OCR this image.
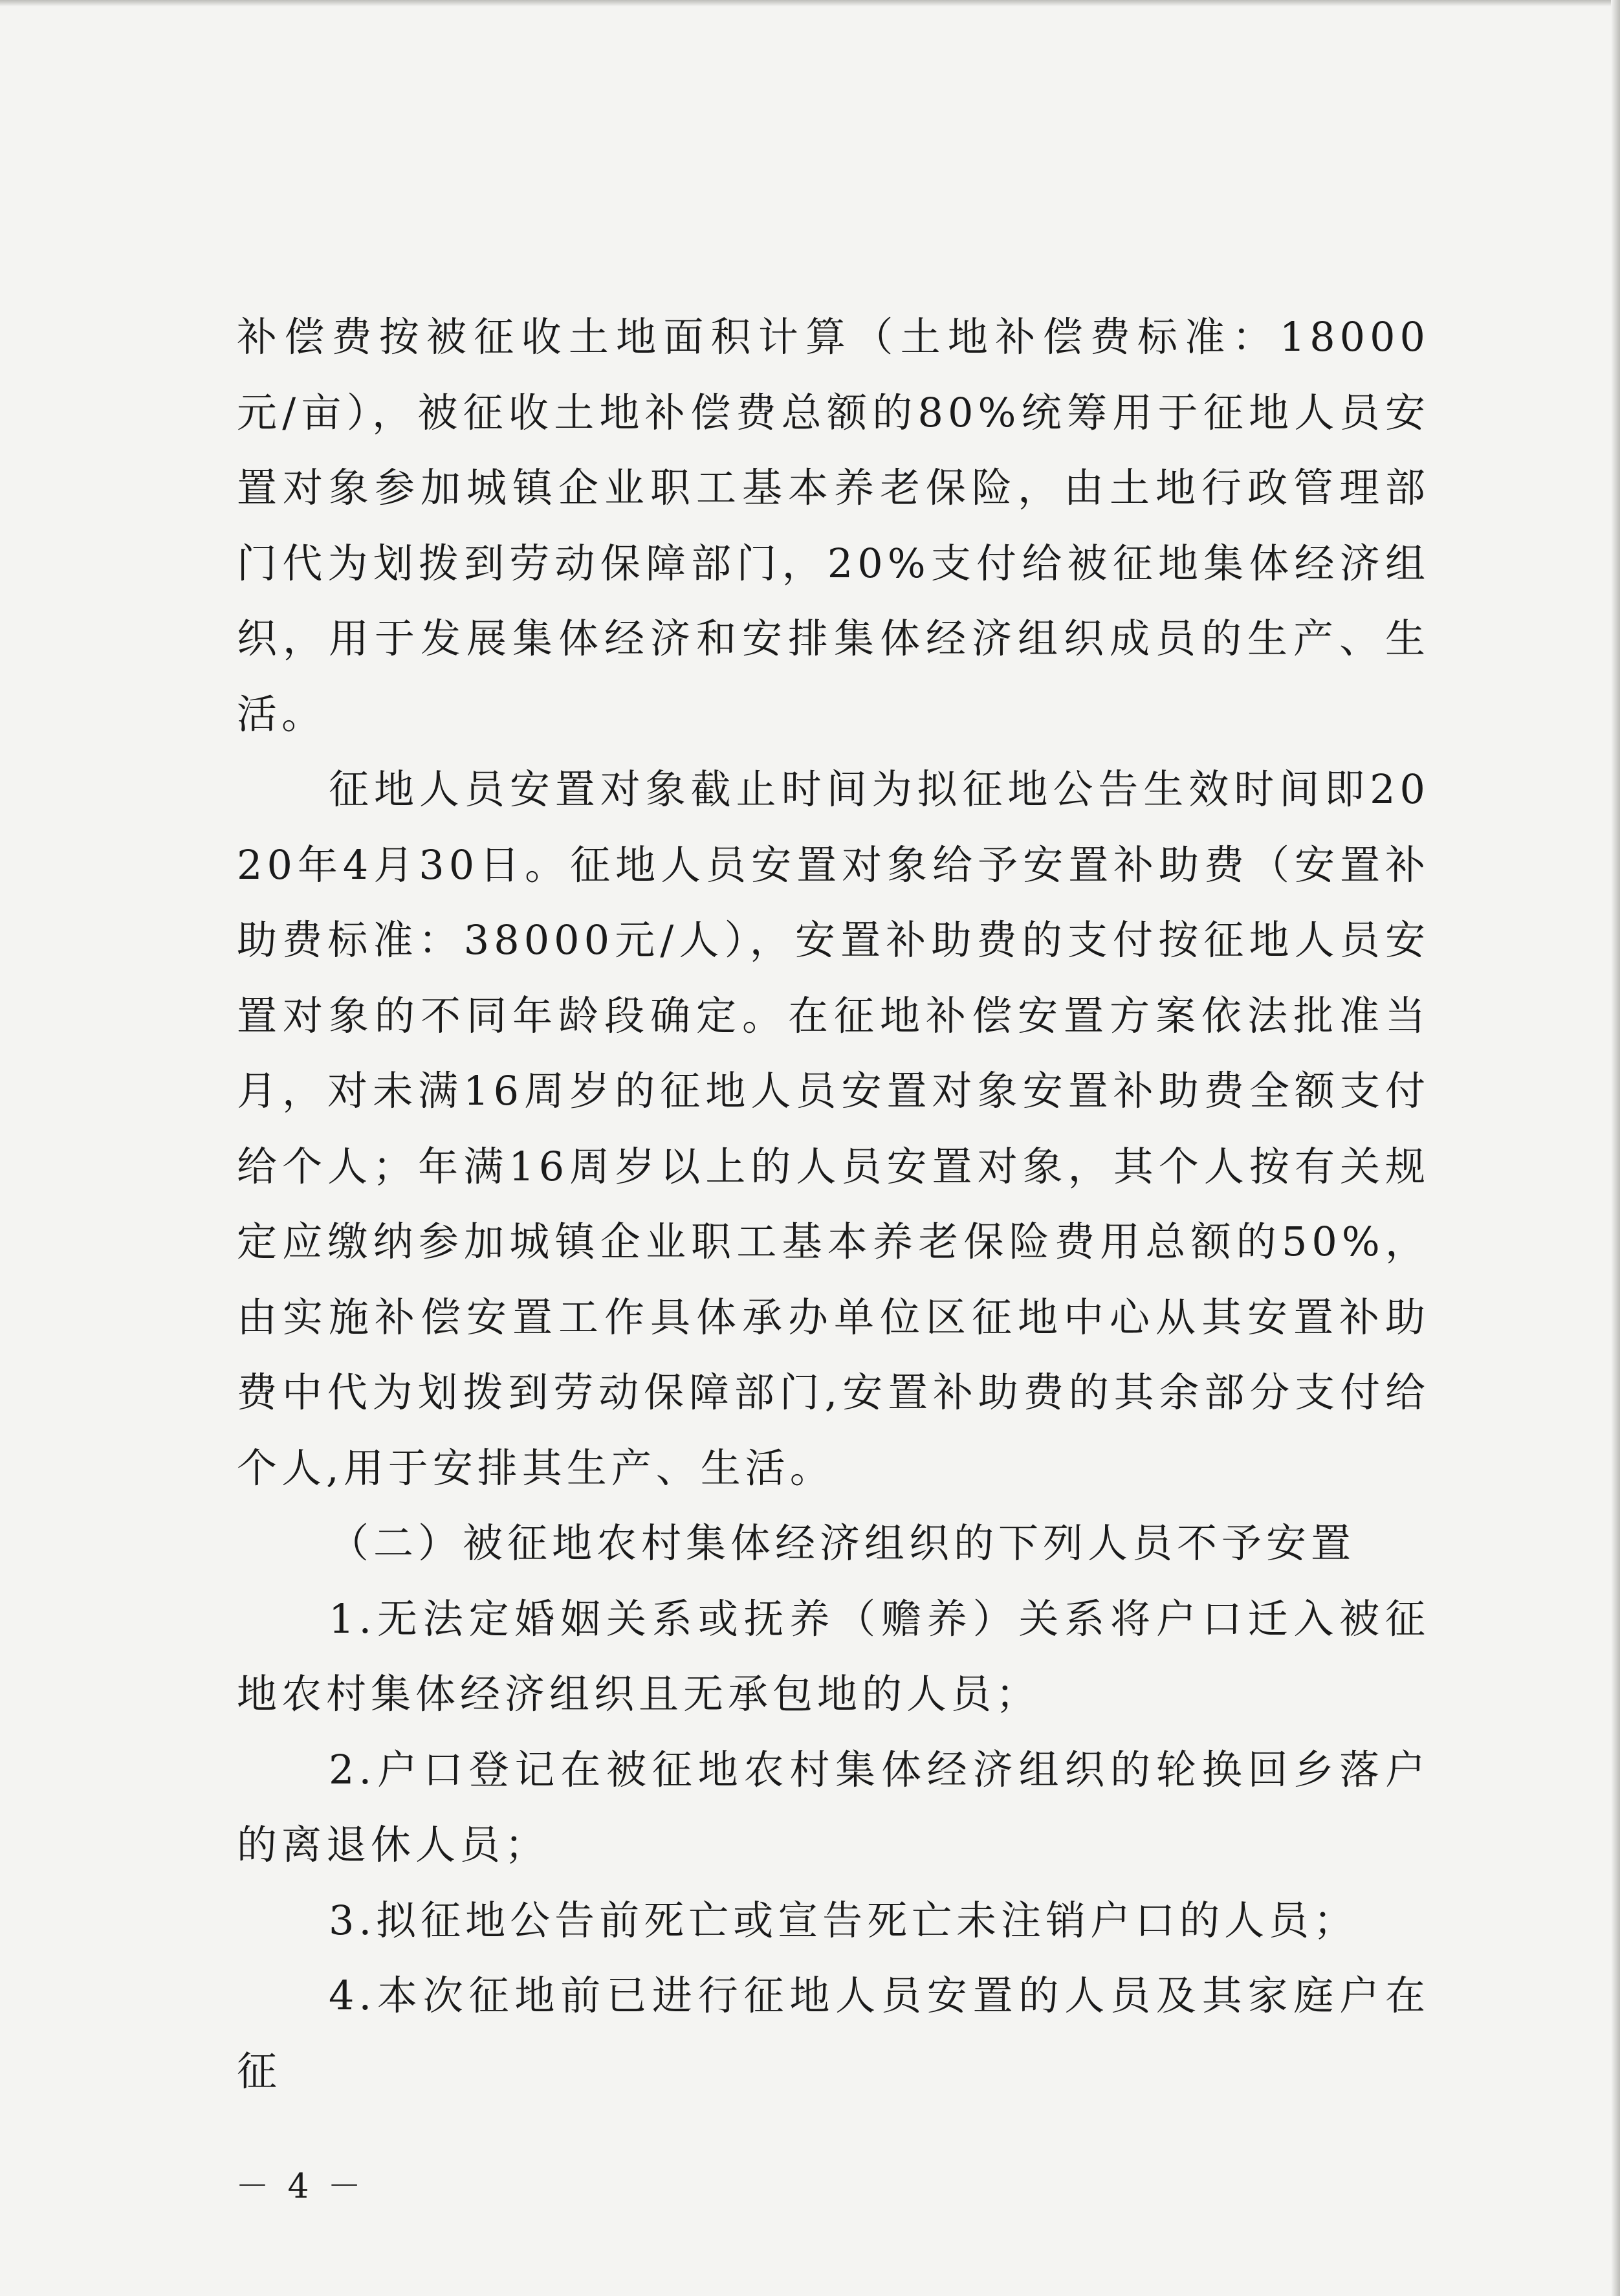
补偿费按被征收土地面积计算（土地补偿费标准：18000元/亩），被征收土地补偿费总额的80%统筹用于征地人员安置对象参加城镇企业职工基本养老保险，由土地行政管理部门代为划拨到劳动保障部门，20%支付给被征地集体经济组织，用于发展集体经济和安排集体经济组织成员的生产、生活。

征地人员安置对象截止时间为拟征地公告生效时间即2020年4月30日。征地人员安置对象给予安置补助费（安置补助费标准：38000元/人），安置补助费的支付按征地人员安置对象的不同年龄段确定。在征地补偿安置方案依法批准当月，对未满16周岁的征地人员安置对象安置补助费全额支付给个人；年满16周岁以上的人员安置对象，其个人按有关规定应缴纳参加城镇企业职工基本养老保险费用总额的50%，由实施补偿安置工作具体承办单位区征地中心从其安置补助费中代为划拨到劳动保障部门,安置补助费的其余部分支付给个人,用于安排其生产、生活。

（二）被征地农村集体经济组织的下列人员不予安置

1.无法定婚姻关系或抚养（赡养）关系将户口迁入被征地农村集体经济组织且无承包地的人员；

2.户口登记在被征地农村集体经济组织的轮换回乡落户的离退休人员；

3.拟征地公告前死亡或宣告死亡未注销户口的人员；

4.本次征地前已进行征地人员安置的人员及其家庭户在征

－ 4 －
